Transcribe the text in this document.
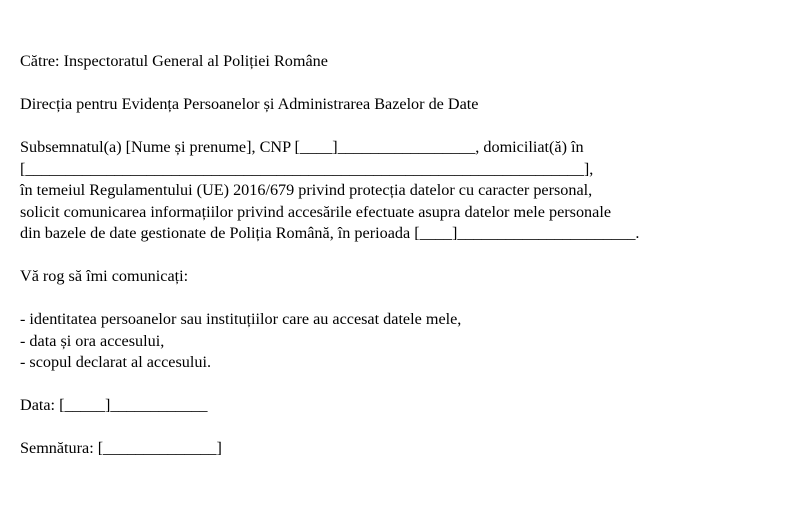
Către: Inspectoratul General al Poliției Române
Direcția pentru Evidența Persoanelor și Administrarea Bazelor de Date
Subsemnatul(a) [Nume și prenume], CNP [____]_________________, domiciliat(ă) în
[_____________________________________________________________________],
în temeiul Regulamentului (UE) 2016/679 privind protecția datelor cu caracter personal,
solicit comunicarea informațiilor privind accesările efectuate asupra datelor mele personale
din bazele de date gestionate de Poliția Română, în perioada [____]______________________.
Vă rog să îmi comunicați:
- identitatea persoanelor sau instituțiilor care au accesat datele mele,
- data și ora accesului,
- scopul declarat al accesului.
Data: [_____]____________
Semnătura: [______________]
